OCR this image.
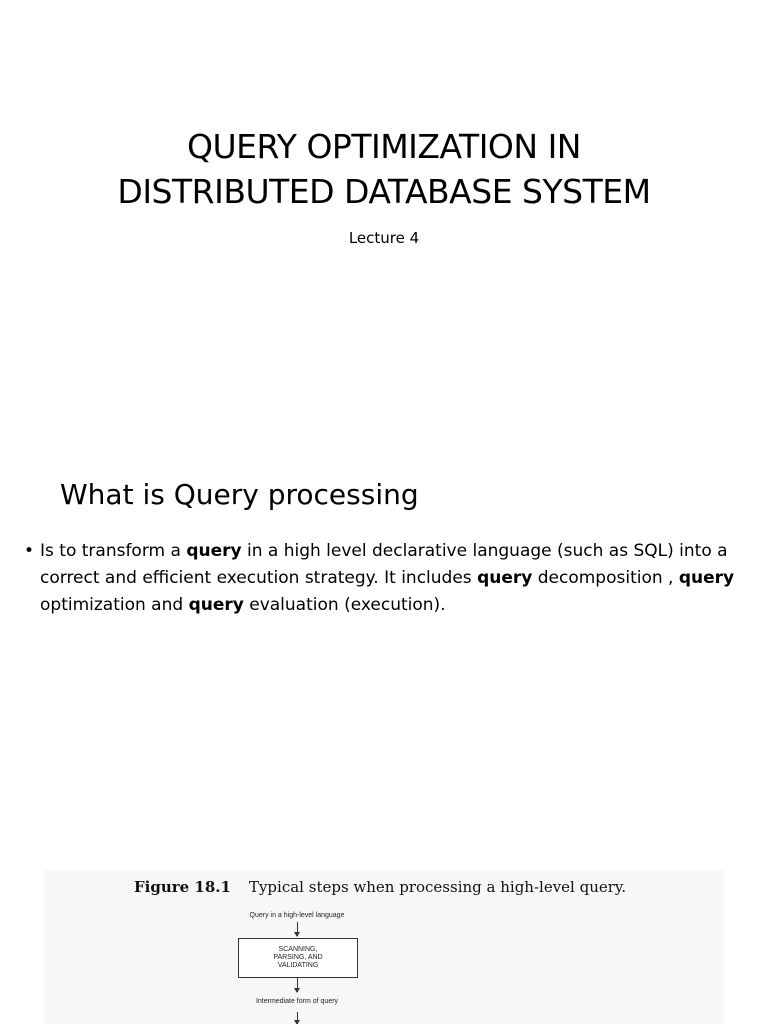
QUERY OPTIMIZATION IN
DISTRIBUTED DATABASE SYSTEM
Lecture 4
What is Query processing
• Is to transform a query in a high level declarative language (such as SQL) into a correct and efficient execution strategy. It includes query decomposition , query optimization and query evaluation (execution).
Figure 18.1 Typical steps when processing a high-level query.
Query in a high-level language
SCANNING,
PARSING, AND
VALIDATING
Intermediate form of query
